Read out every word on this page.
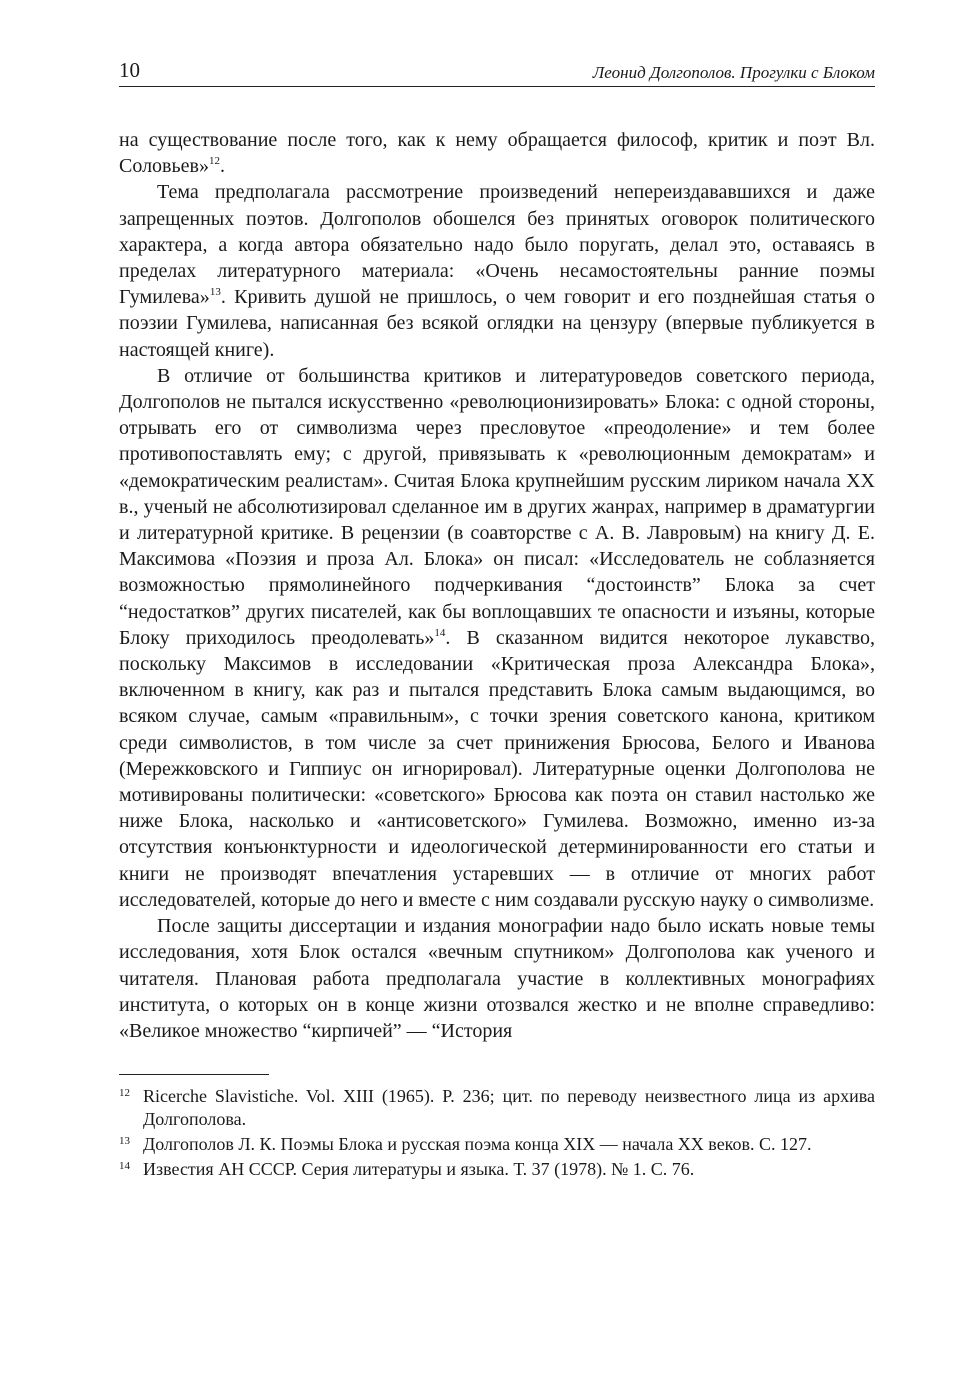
10	Леонид Долгополов. Прогулки с Блоком

на существование после того, как к нему обращается философ, критик и поэт Вл. Соловьев»$^{12}$.

Тема предполагала рассмотрение произведений непереиздававшихся и даже запрещенных поэтов. Долгополов обошелся без принятых оговорок политического характера, а когда автора обязательно надо было поругать, делал это, оставаясь в пределах литературного материала: «Очень несамостоятельны ранние поэмы Гумилева»$^{13}$. Кривить душой не пришлось, о чем говорит и его позднейшая статья о поэзии Гумилева, написанная без всякой оглядки на цензуру (впервые публикуется в настоящей книге).

В отличие от большинства критиков и литературоведов советского периода, Долгополов не пытался искусственно «революционизировать» Блока: с одной стороны, отрывать его от символизма через пресловутое «преодоление» и тем более противопоставлять ему; с другой, привязывать к «революционным демократам» и «демократическим реалистам». Считая Блока крупнейшим русским лириком начала XX в., ученый не абсолютизировал сделанное им в других жанрах, например в драматургии и литературной критике. В рецензии (в соавторстве с А. В. Лавровым) на книгу Д. Е. Максимова «Поэзия и проза Ал. Блока» он писал: «Исследователь не соблазняется возможностью прямолинейного подчеркивания “достоинств” Блока за счет “недостатков” других писателей, как бы воплощавших те опасности и изъяны, которые Блоку приходилось преодолевать»$^{14}$. В сказанном видится некоторое лукавство, поскольку Максимов в исследовании «Критическая проза Александра Блока», включенном в книгу, как раз и пытался представить Блока самым выдающимся, во всяком случае, самым «правильным», с точки зрения советского канона, критиком среди символистов, в том числе за счет принижения Брюсова, Белого и Иванова (Мережковского и Гиппиус он игнорировал). Литературные оценки Долгополова не мотивированы политически: «советского» Брюсова как поэта он ставил настолько же ниже Блока, насколько и «антисоветского» Гумилева. Возможно, именно из-за отсутствия конъюнктурности и идеологической детерминированности его статьи и книги не производят впечатления устаревших — в отличие от многих работ исследователей, которые до него и вместе с ним создавали русскую науку о символизме.

После защиты диссертации и издания монографии надо было искать новые темы исследования, хотя Блок остался «вечным спутником» Долгополова как ученого и читателя. Плановая работа предполагала участие в коллективных монографиях института, о которых он в конце жизни отозвался жестко и не вполне справедливо: «Великое множество “кирпичей” — “История

12 Ricerche Slavistiche. Vol. XIII (1965). P. 236; цит. по переводу неизвестного лица из архива Долгополова.
13 Долгополов Л. К. Поэмы Блока и русская поэма конца XIX — начала XX веков. С. 127.
14 Известия АН СССР. Серия литературы и языка. Т. 37 (1978). № 1. С. 76.
